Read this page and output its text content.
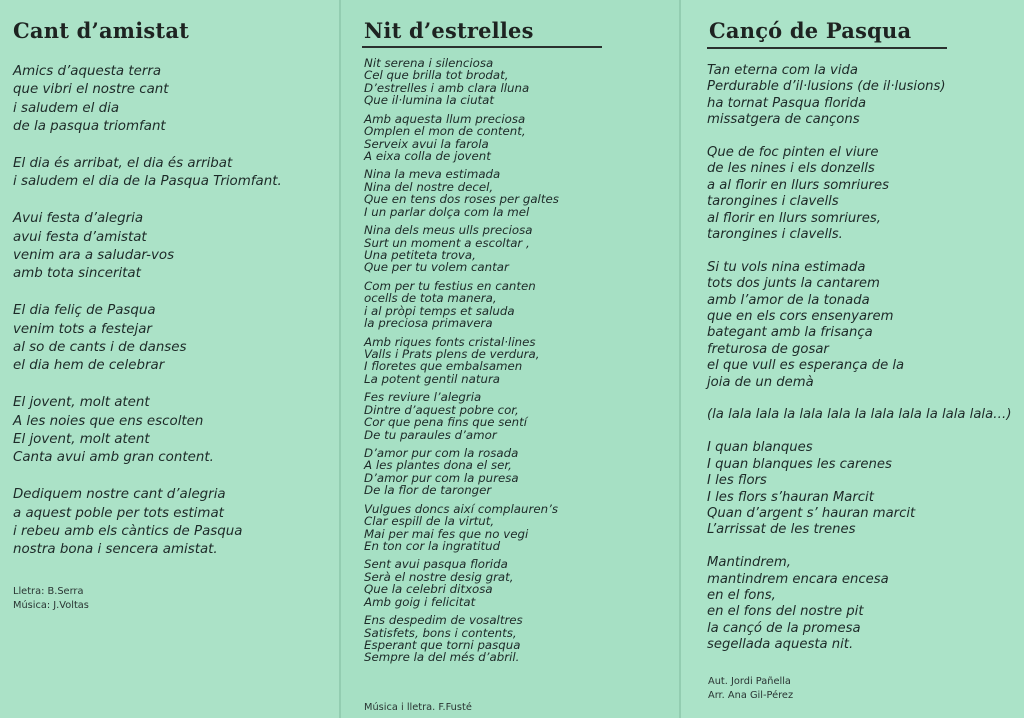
Cant d’amistat
Amics d’aquesta terra
que vibri el nostre cant
i saludem el dia
de la pasqua triomfant
El dia és arribat, el dia és arribat
i saludem el dia de la Pasqua Triomfant.
Avui festa d’alegria
avui festa d’amistat
venim ara a saludar-vos
amb tota sinceritat
El dia feliç de Pasqua
venim tots a festejar
al so de cants i de danses
el dia hem de celebrar
El jovent, molt atent
A les noies que ens escolten
El jovent, molt atent
Canta avui amb gran content.
Dediquem nostre cant d’alegria
a aquest poble per tots estimat
i rebeu amb els càntics de Pasqua
nostra bona i sencera amistat.
Lletra: B.Serra
Música: J.Voltas
Nit d’estrelles
Nit serena i silenciosa
Cel que brilla tot brodat,
D’estrelles i amb clara lluna
Que il·lumina la ciutat
Amb aquesta llum preciosa
Omplen el mon de content,
Serveix avui la farola
A eixa colla de jovent
Nina la meva estimada
Nina del nostre decel,
Que en tens dos roses per galtes
I un parlar dolça com la mel
Nina dels meus ulls preciosa
Surt un moment a escoltar ,
Una petiteta trova,
Que per tu volem cantar
Com per tu festius en canten
ocells de tota manera,
i al pròpi temps et saluda
la preciosa primavera
Amb riques fonts cristal·lines
Valls i Prats plens de verdura,
I floretes que embalsamen
La potent gentil natura
Fes reviure l’alegria
Dintre d’aquest pobre cor,
Cor que pena fins que sentí
De tu paraules d’amor
D’amor pur com la rosada
A les plantes dona el ser,
D’amor pur com la puresa
De la flor de taronger
Vulgues doncs així complauren’s
Clar espill de la virtut,
Mai per mai fes que no vegi
En ton cor la ingratitud
Sent avui pasqua florida
Serà el nostre desig grat,
Que la celebri ditxosa
Amb goig i felicitat
Ens despedim de vosaltres
Satisfets, bons i contents,
Esperant que torni pasqua
Sempre la del més d’abril.
Música i lletra. F.Fusté
Cançó de Pasqua
Tan eterna com la vida
Perdurable d’il·lusions (de il·lusions)
ha tornat Pasqua florida
missatgera de cançons
Que de foc pinten el viure
de les nines i els donzells
a al florir en llurs somriures
tarongines i clavells
al florir en llurs somriures,
tarongines i clavells.
Si tu vols nina estimada
tots dos junts la cantarem
amb l’amor de la tonada
que en els cors ensenyarem
bategant amb la frisança
freturosa de gosar
el que vull es esperança de la
joia de un demà
(la lala lala la lala lala la lala lala la lala lala…)
I quan blanques
I quan blanques les carenes
I les flors
I les flors s’hauran Marcit
Quan d’argent s’ hauran marcit
L’arrissat de les trenes
Mantindrem,
mantindrem encara encesa
en el fons,
en el fons del nostre pit
la cançó de la promesa
segellada aquesta nit.
Aut. Jordi Pañella
Arr. Ana Gil-Pérez
